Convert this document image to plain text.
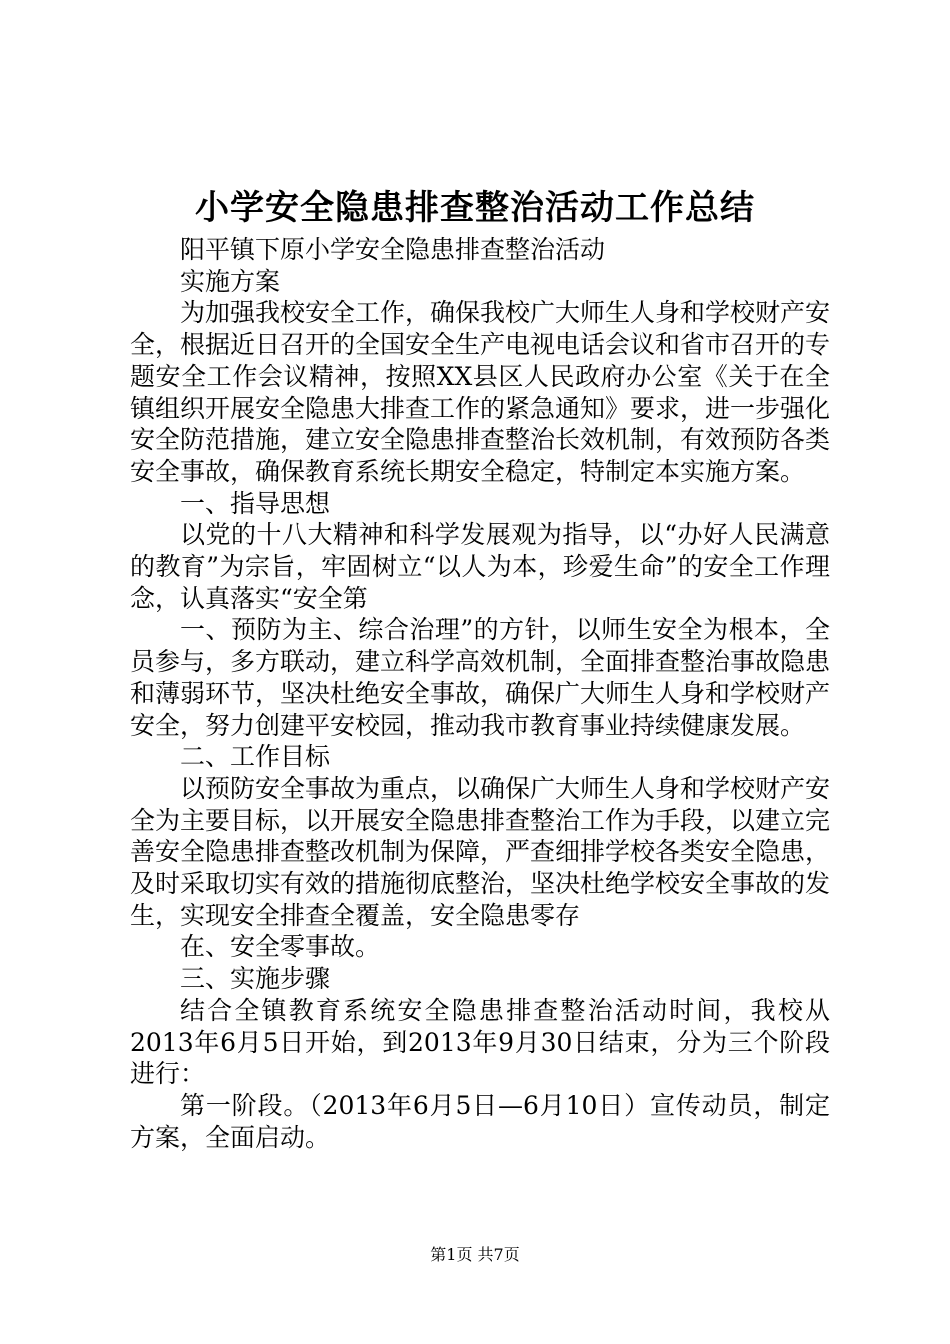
小学安全隐患排查整治活动工作总结

阳平镇下原小学安全隐患排查整治活动

实施方案

为加强我校安全工作，确保我校广大师生人身和学校财产安全，根据近日召开的全国安全生产电视电话会议和省市召开的专题安全工作会议精神，按照XX县区人民政府办公室《关于在全镇组织开展安全隐患大排查工作的紧急通知》要求，进一步强化安全防范措施，建立安全隐患排查整治长效机制，有效预防各类安全事故，确保教育系统长期安全稳定，特制定本实施方案。

一、指导思想

以党的十八大精神和科学发展观为指导，以“办好人民满意的教育”为宗旨，牢固树立“以人为本，珍爱生命”的安全工作理念，认真落实“安全第

一、预防为主、综合治理”的方针，以师生安全为根本，全员参与，多方联动，建立科学高效机制，全面排查整治事故隐患和薄弱环节，坚决杜绝安全事故，确保广大师生人身和学校财产安全，努力创建平安校园，推动我市教育事业持续健康发展。

二、工作目标

以预防安全事故为重点，以确保广大师生人身和学校财产安全为主要目标，以开展安全隐患排查整治工作为手段，以建立完善安全隐患排查整改机制为保障，严查细排学校各类安全隐患，及时采取切实有效的措施彻底整治，坚决杜绝学校安全事故的发生，实现安全排查全覆盖，安全隐患零存

在、安全零事故。

三、实施步骤

结合全镇教育系统安全隐患排查整治活动时间，我校从2013年6月5日开始，到2013年9月30日结束，分为三个阶段进行：

第一阶段。（2013年6月5日—6月10日）宣传动员，制定方案，全面启动。

第1页 共7页
